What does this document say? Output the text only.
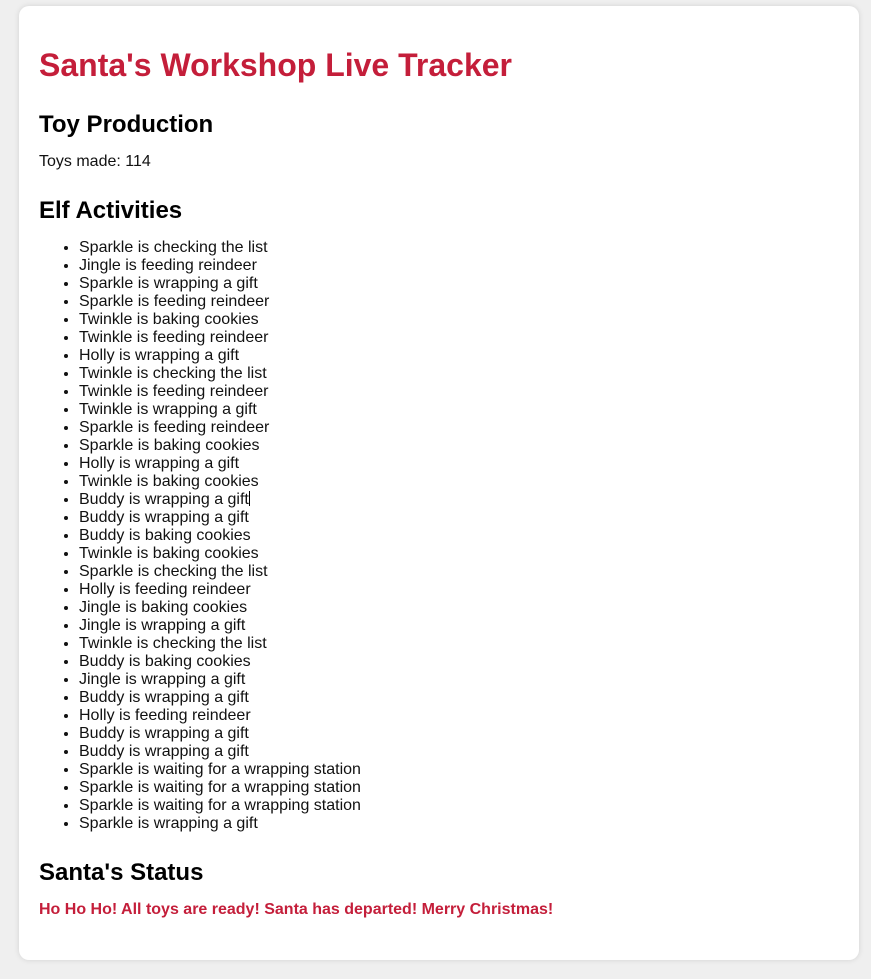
Santa's Workshop Live Tracker
Toy Production
Toys made: 114
Elf Activities
• Sparkle is checking the list
• Jingle is feeding reindeer
• Sparkle is wrapping a gift
• Sparkle is feeding reindeer
• Twinkle is baking cookies
• Twinkle is feeding reindeer
• Holly is wrapping a gift
• Twinkle is checking the list
• Twinkle is feeding reindeer
• Twinkle is wrapping a gift
• Sparkle is feeding reindeer
• Sparkle is baking cookies
• Holly is wrapping a gift
• Twinkle is baking cookies
• Buddy is wrapping a gift
• Buddy is wrapping a gift
• Buddy is baking cookies
• Twinkle is baking cookies
• Sparkle is checking the list
• Holly is feeding reindeer
• Jingle is baking cookies
• Jingle is wrapping a gift
• Twinkle is checking the list
• Buddy is baking cookies
• Jingle is wrapping a gift
• Buddy is wrapping a gift
• Holly is feeding reindeer
• Buddy is wrapping a gift
• Buddy is wrapping a gift
• Sparkle is waiting for a wrapping station
• Sparkle is waiting for a wrapping station
• Sparkle is waiting for a wrapping station
• Sparkle is wrapping a gift
Santa's Status
Ho Ho Ho! All toys are ready! Santa has departed! Merry Christmas!
